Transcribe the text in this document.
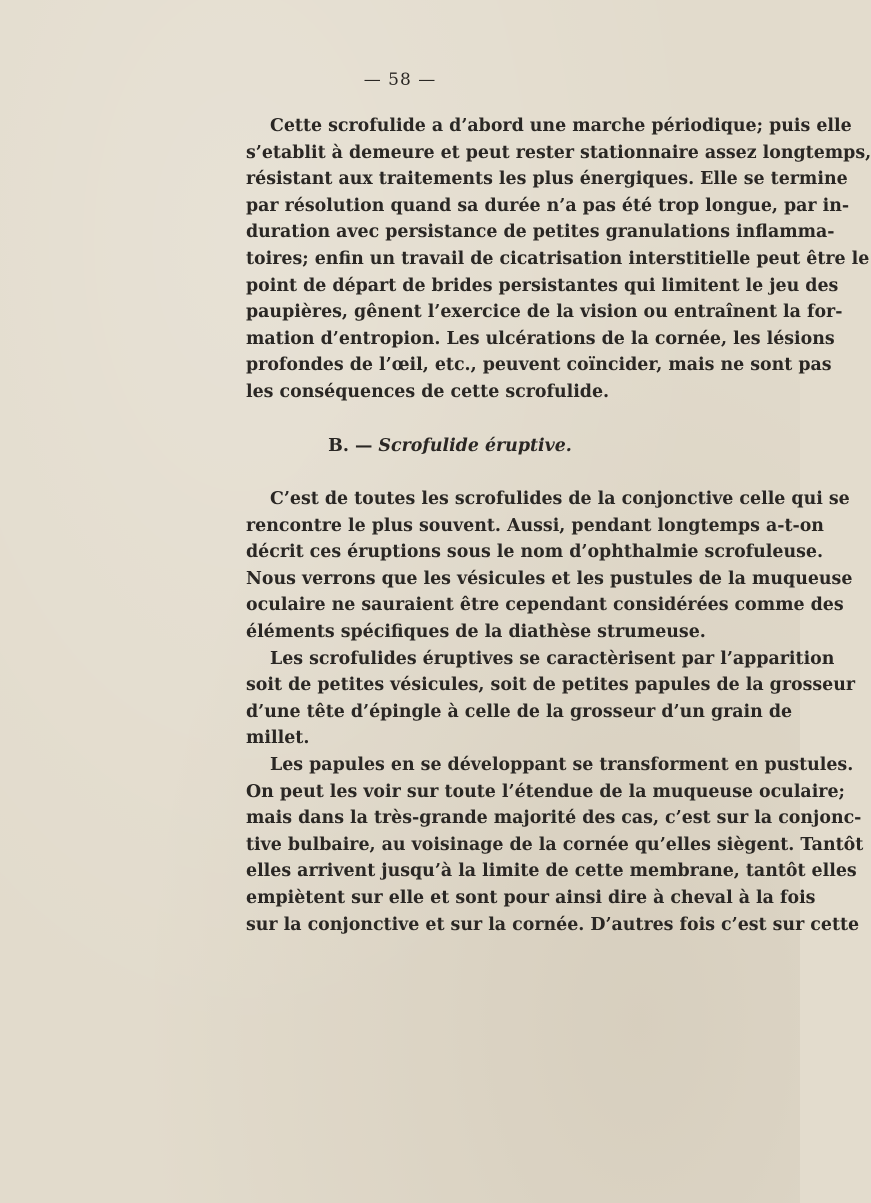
— 58 —
Cette scrofulide a d’abord une marche périodique; puis elle
s’etablit à demeure et peut rester stationnaire assez longtemps,
résistant aux traitements les plus énergiques. Elle se termine
par résolution quand sa durée n’a pas été trop longue, par in-
duration avec persistance de petites granulations inflamma-
toires; enfin un travail de cicatrisation interstitielle peut être le
point de départ de brides persistantes qui limitent le jeu des
paupières, gênent l’exercice de la vision ou entraînent la for-
mation d’entropion. Les ulcérations de la cornée, les lésions
profondes de l’œil, etc., peuvent coïncider, mais ne sont pas
les conséquences de cette scrofulide.
B. — Scrofulide éruptive.
C’est de toutes les scrofulides de la conjonctive celle qui se
rencontre le plus souvent. Aussi, pendant longtemps a-t-on
décrit ces éruptions sous le nom d’ophthalmie scrofuleuse.
Nous verrons que les vésicules et les pustules de la muqueuse
oculaire ne sauraient être cependant considérées comme des
éléments spécifiques de la diathèse strumeuse.
Les scrofulides éruptives se caractèrisent par l’apparition
soit de petites vésicules, soit de petites papules de la grosseur
d’une tête d’épingle à celle de la grosseur d’un grain de
millet.
Les papules en se développant se transforment en pustules.
On peut les voir sur toute l’étendue de la muqueuse oculaire;
mais dans la très-grande majorité des cas, c’est sur la conjonc-
tive bulbaire, au voisinage de la cornée qu’elles siègent. Tantôt
elles arrivent jusqu’à la limite de cette membrane, tantôt elles
empiètent sur elle et sont pour ainsi dire à cheval à la fois
sur la conjonctive et sur la cornée. D’autres fois c’est sur cette
